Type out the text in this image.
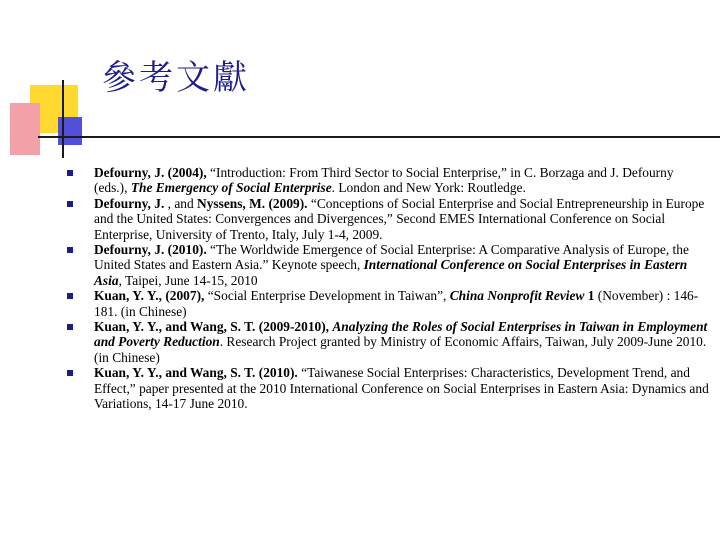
參考文獻
Defourny, J. (2004), “Introduction: From Third Sector to Social Enterprise,” in C. Borzaga and J. Defourny (eds.), The Emergency of Social Enterprise. London and New York: Routledge.
Defourny, J. , and Nyssens, M. (2009). “Conceptions of Social Enterprise and Social Entrepreneurship in Europe and the United States: Convergences and Divergences,” Second EMES International Conference on Social Enterprise, University of Trento, Italy, July 1-4, 2009.
Defourny, J. (2010). “The Worldwide Emergence of Social Enterprise: A Comparative Analysis of Europe, the United States and Eastern Asia.” Keynote speech, International Conference on Social Enterprises in Eastern Asia, Taipei, June 14-15, 2010
Kuan, Y. Y., (2007), “Social Enterprise Development in Taiwan”, China Nonprofit Review 1 (November) : 146-181. (in Chinese)
Kuan, Y. Y., and Wang, S. T. (2009-2010), Analyzing the Roles of Social Enterprises in Taiwan in Employment and Poverty Reduction. Research Project granted by Ministry of Economic Affairs, Taiwan, July 2009-June 2010. (in Chinese)
Kuan, Y. Y., and Wang, S. T. (2010). “Taiwanese Social Enterprises: Characteristics, Development Trend, and Effect,” paper presented at the 2010 International Conference on Social Enterprises in Eastern Asia: Dynamics and Variations, 14-17 June 2010.
